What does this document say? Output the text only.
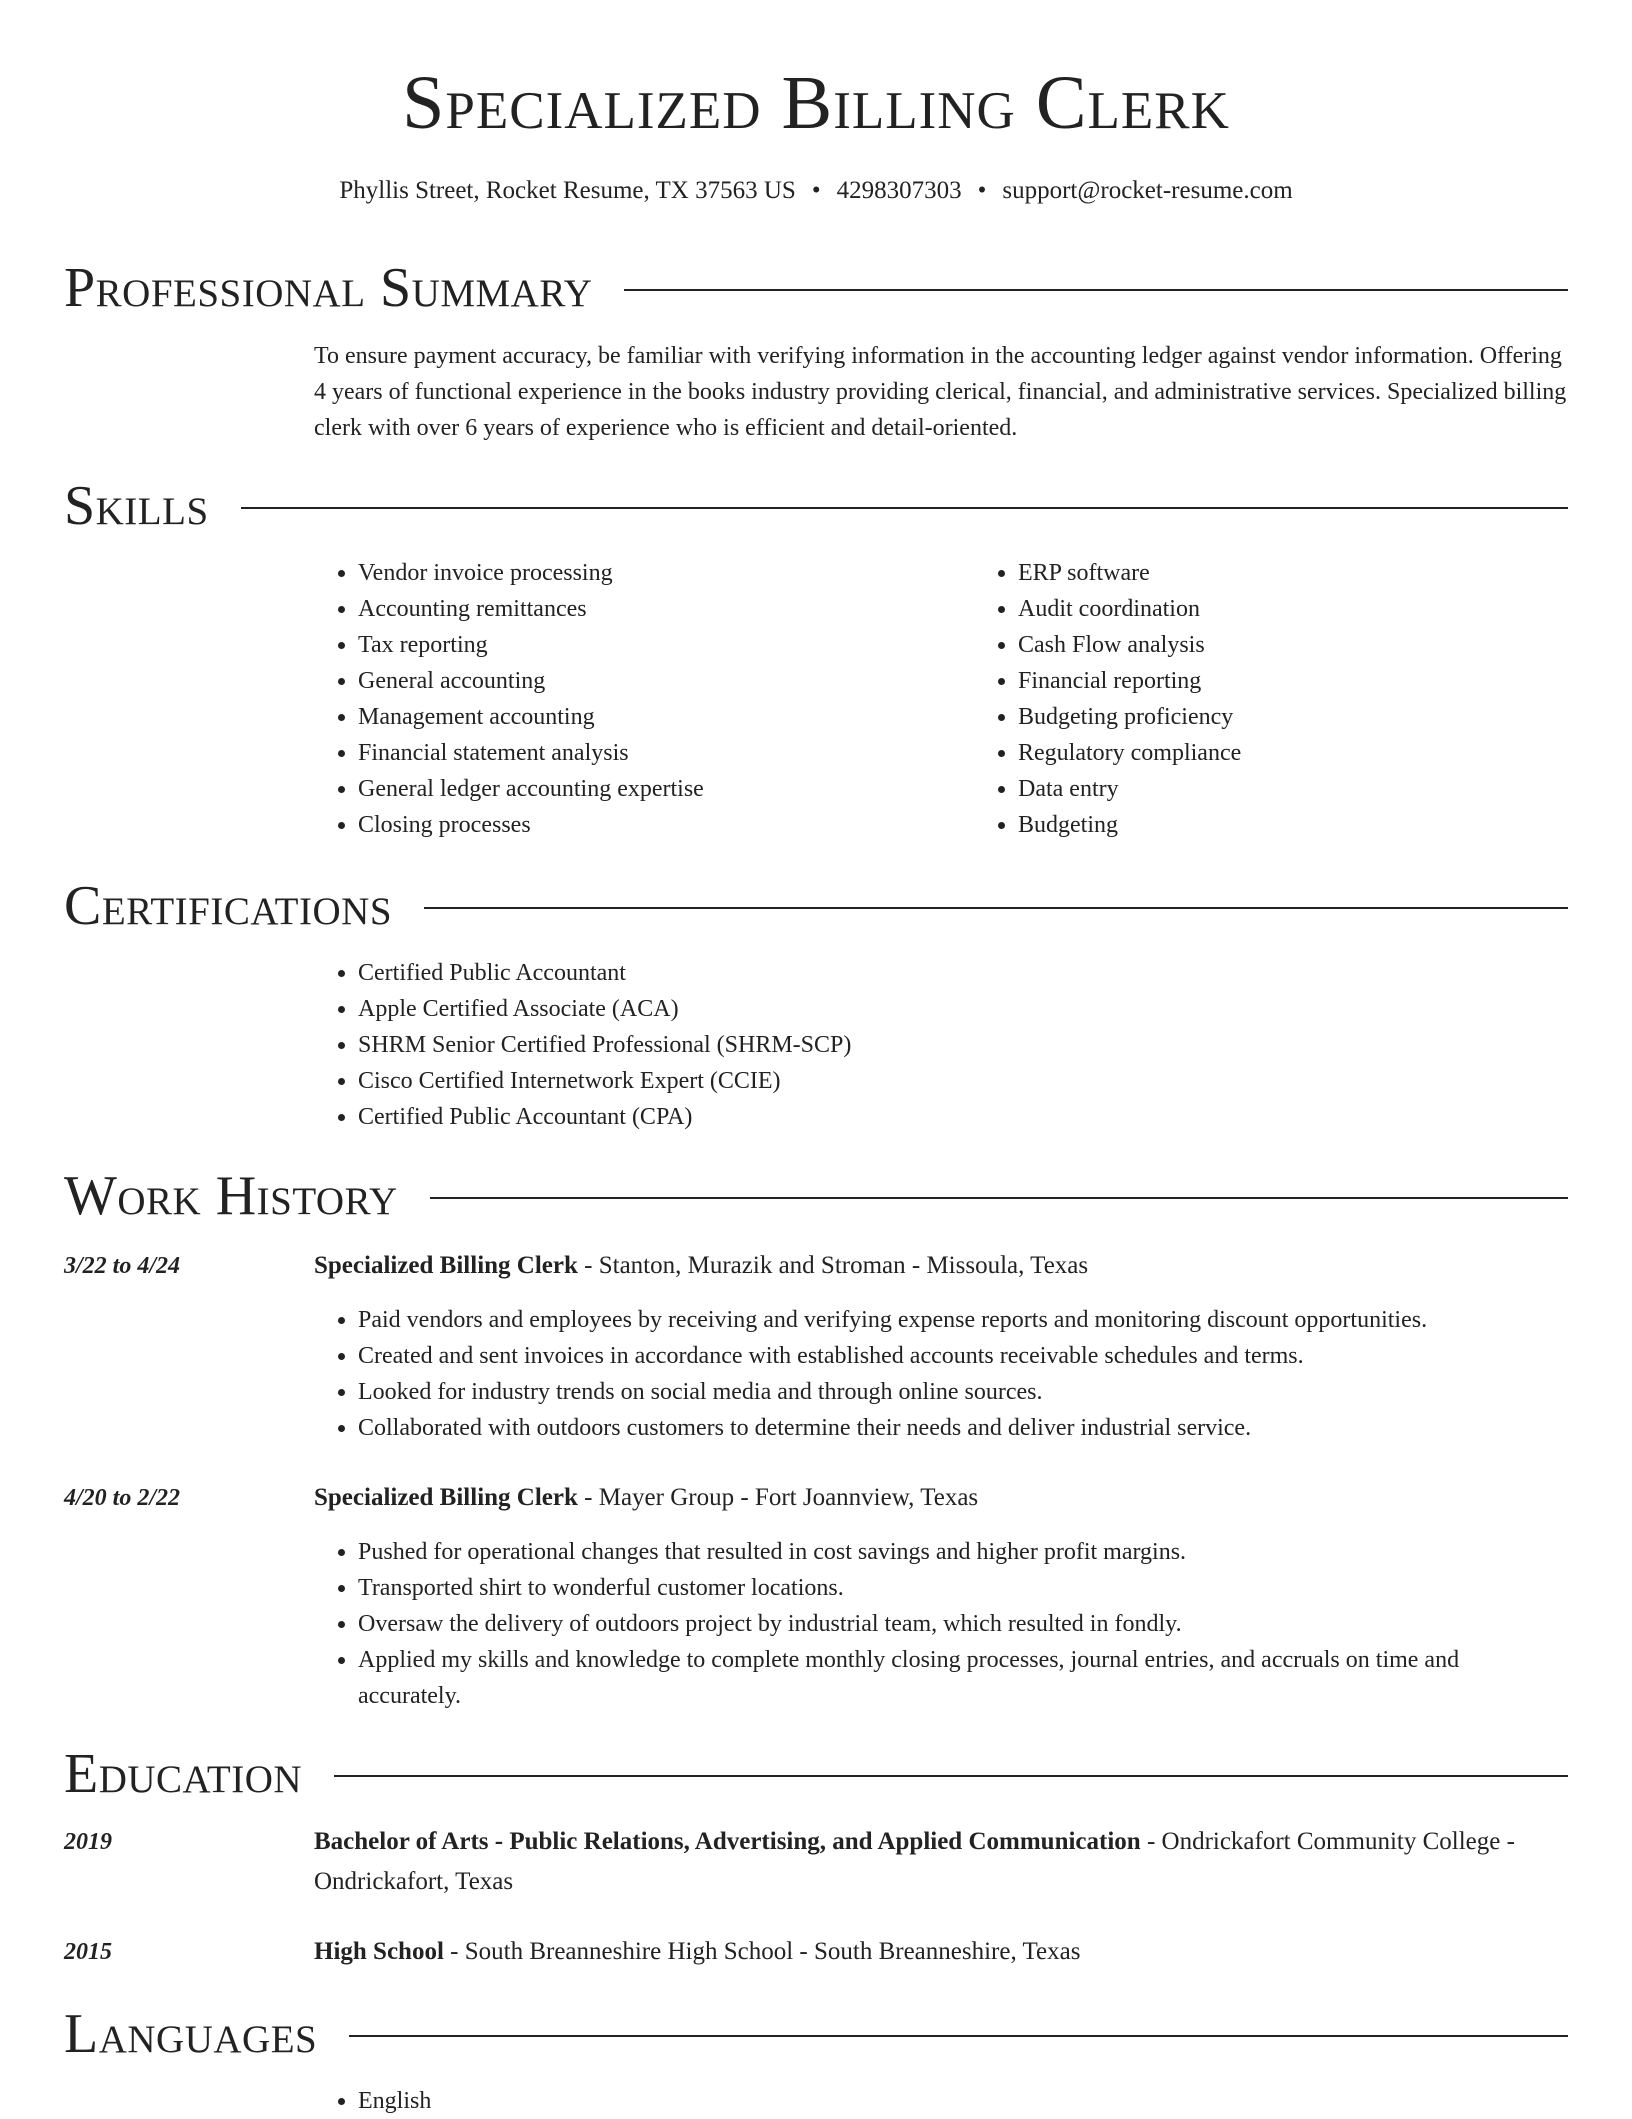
Specialized Billing Clerk
Phyllis Street, Rocket Resume, TX 37563 US • 4298307303 • support@rocket-resume.com
Professional Summary

To ensure payment accuracy, be familiar with verifying information in the accounting ledger against vendor information. Offering 4 years of functional experience in the books industry providing clerical, financial, and administrative services. Specialized billing clerk with over 6 years of experience who is efficient and detail-oriented.

Skills
• Vendor invoice processing
• Accounting remittances
• Tax reporting
• General accounting
• Management accounting
• Financial statement analysis
• General ledger accounting expertise
• Closing processes
• ERP software
• Audit coordination
• Cash Flow analysis
• Financial reporting
• Budgeting proficiency
• Regulatory compliance
• Data entry
• Budgeting
Certifications
• Certified Public Accountant
• Apple Certified Associate (ACA)
• SHRM Senior Certified Professional (SHRM-SCP)
• Cisco Certified Internetwork Expert (CCIE)
• Certified Public Accountant (CPA)
Work History
3/22 to 4/24	Specialized Billing Clerk - Stanton, Murazik and Stroman - Missoula, Texas
• Paid vendors and employees by receiving and verifying expense reports and monitoring discount opportunities.
• Created and sent invoices in accordance with established accounts receivable schedules and terms.
• Looked for industry trends on social media and through online sources.
• Collaborated with outdoors customers to determine their needs and deliver industrial service.
4/20 to 2/22	Specialized Billing Clerk - Mayer Group - Fort Joannview, Texas
• Pushed for operational changes that resulted in cost savings and higher profit margins.
• Transported shirt to wonderful customer locations.
• Oversaw the delivery of outdoors project by industrial team, which resulted in fondly.
• Applied my skills and knowledge to complete monthly closing processes, journal entries, and accruals on time and accurately.
Education
2019	Bachelor of Arts - Public Relations, Advertising, and Applied Communication - Ondrickafort Community College - Ondrickafort, Texas
2015	High School - South Breanneshire High School - South Breanneshire, Texas
Languages
• English
